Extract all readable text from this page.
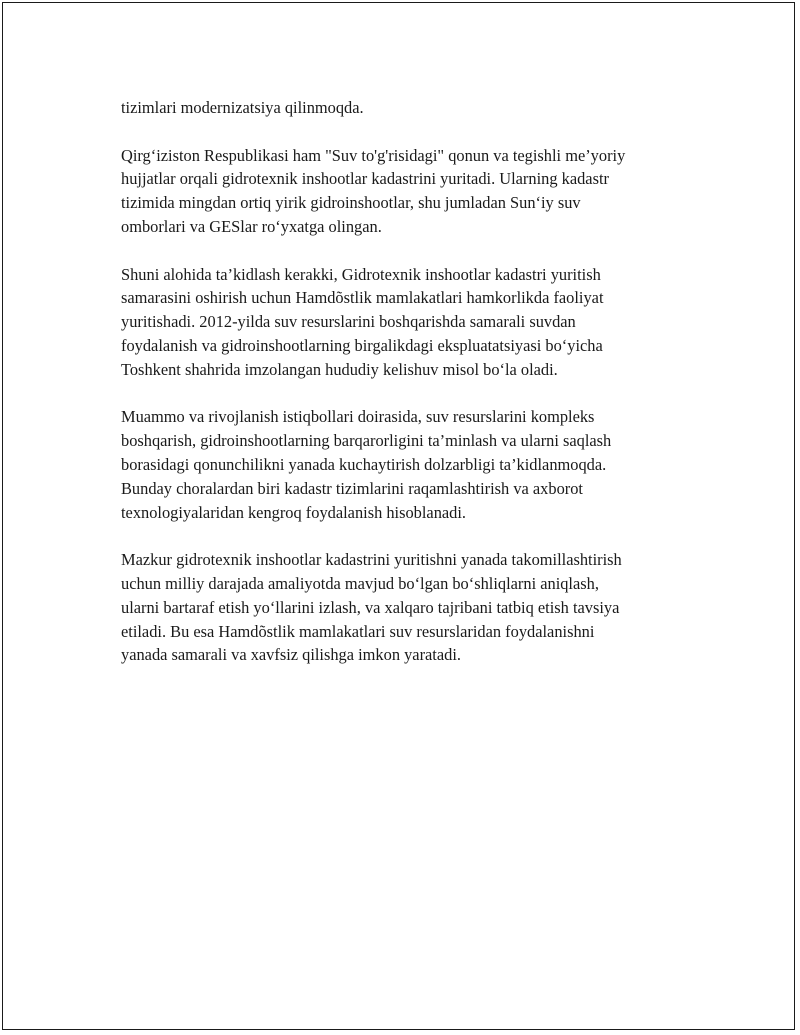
tizimlari modernizatsiya qilinmoqda.

Qirg‘iziston Respublikasi ham "Suv to'g'risidagi" qonun va tegishli me’yoriy
hujjatlar orqali gidrotexnik inshootlar kadastrini yuritadi. Ularning kadastr
tizimida mingdan ortiq yirik gidroinshootlar, shu jumladan Sun‘iy suv
omborlari va GESlar ro‘yxatga olingan.

Shuni alohida ta’kidlash kerakki, Gidrotexnik inshootlar kadastri yuritish
samarasini oshirish uchun Hamdõstlik mamlakatlari hamkorlikda faoliyat
yuritishadi. 2012-yilda suv resurslarini boshqarishda samarali suvdan
foydalanish va gidroinshootlarning birgalikdagi ekspluatatsiyasi bo‘yicha
Toshkent shahrida imzolangan hududiy kelishuv misol bo‘la oladi.

Muammo va rivojlanish istiqbollari doirasida, suv resurslarini kompleks
boshqarish, gidroinshootlarning barqarorligini ta’minlash va ularni saqlash
borasidagi qonunchilikni yanada kuchaytirish dolzarbligi ta’kidlanmoqda.
Bunday choralardan biri kadastr tizimlarini raqamlashtirish va axborot
texnologiyalaridan kengroq foydalanish hisoblanadi.

Mazkur gidrotexnik inshootlar kadastrini yuritishni yanada takomillashtirish
uchun milliy darajada amaliyotda mavjud bo‘lgan bo‘shliqlarni aniqlash,
ularni bartaraf etish yo‘llarini izlash, va xalqaro tajribani tatbiq etish tavsiya
etiladi. Bu esa Hamdõstlik mamlakatlari suv resurslaridan foydalanishni
yanada samarali va xavfsiz qilishga imkon yaratadi.
